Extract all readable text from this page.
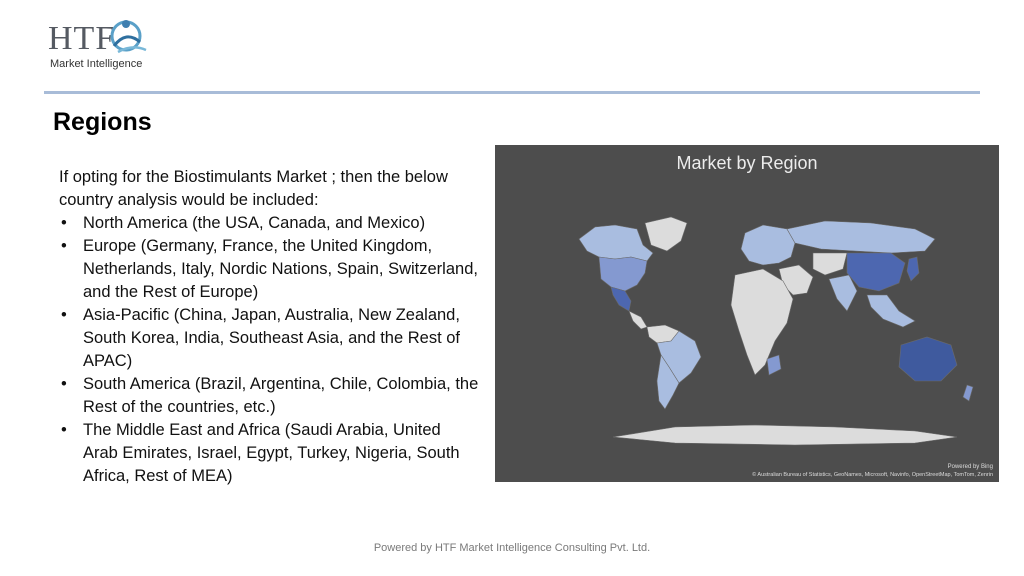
HTF
Market Intelligence
Regions

If opting for the Biostimulants Market ; then the below country analysis would be included:

• North America (the USA, Canada, and Mexico)
• Europe (Germany, France, the United Kingdom, Netherlands, Italy, Nordic Nations, Spain, Switzerland, and the Rest of Europe)
• Asia-Pacific (China, Japan, Australia, New Zealand, South Korea, India, Southeast Asia, and the Rest of APAC)
• South America (Brazil, Argentina, Chile, Colombia, the Rest of the countries, etc.)
• The Middle East and Africa (Saudi Arabia, United Arab Emirates, Israel, Egypt, Turkey, Nigeria, South Africa, Rest of MEA)
Market by Region
Powered by Bing
© Australian Bureau of Statistics, GeoNames, Microsoft, Navinfo, OpenStreetMap, TomTom, Zenrin
Powered by HTF Market Intelligence Consulting Pvt. Ltd.
